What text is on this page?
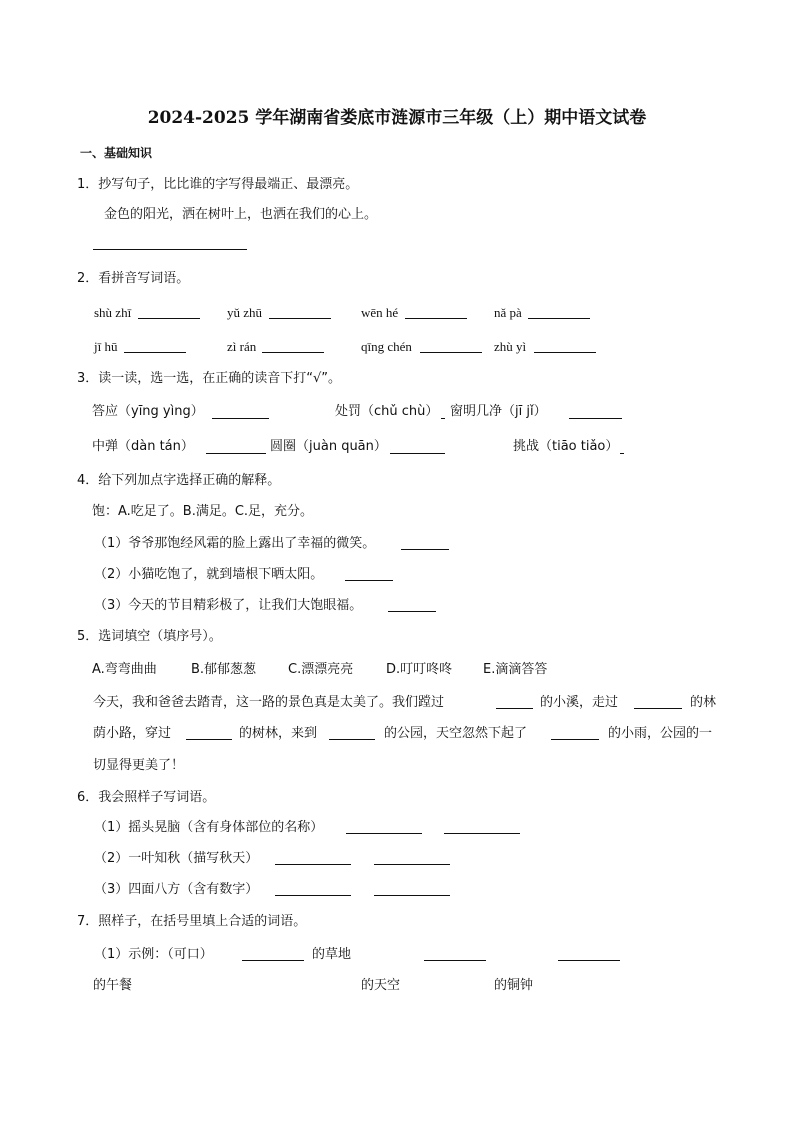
2024-2025 学年湖南省娄底市涟源市三年级（上）期中语文试卷
一、基础知识
1．抄写句子，比比谁的字写得最端正、最漂亮。
金色的阳光，洒在树叶上，也洒在我们的心上。
2．看拼音写词语。
shù zhī	yǔ zhū	wēn hé	nǎ pà
jī hū	zì rán	qīng chén	zhù yì
3．读一读，选一选，在正确的读音下打“√”。
答应（yīng yìng）	处罚（chǔ chù） 窗明几净（jī jǐ）
中弹（dàn tán）	圆圈（juàn quān）	挑战（tiāo tiǎo）
4．给下列加点字选择正确的解释。
饱：A.吃足了。B.满足。C.足，充分。
（1）爷爷那饱经风霜的脸上露出了幸福的微笑。
（2）小猫吃饱了，就到墙根下晒太阳。
（3）今天的节目精彩极了，让我们大饱眼福。
5．选词填空（填序号）。
A.弯弯曲曲	B.郁郁葱葱 C.漂漂亮亮	D.叮叮咚咚 E.滴滴答答
今天，我和爸爸去踏青，这一路的景色真是太美了。我们蹚过	的小溪，走过	的林
荫小路，穿过	的树林，来到	的公园，天空忽然下起了	的小雨，公园的一
切显得更美了！
6．我会照样子写词语。
（1）摇头晃脑（含有身体部位的名称）
（2）一叶知秋（描写秋天）
（3）四面八方（含有数字）
7．照样子，在括号里填上合适的词语。
（1）示例：（可口）	的草地
的午餐	的天空	的铜钟
